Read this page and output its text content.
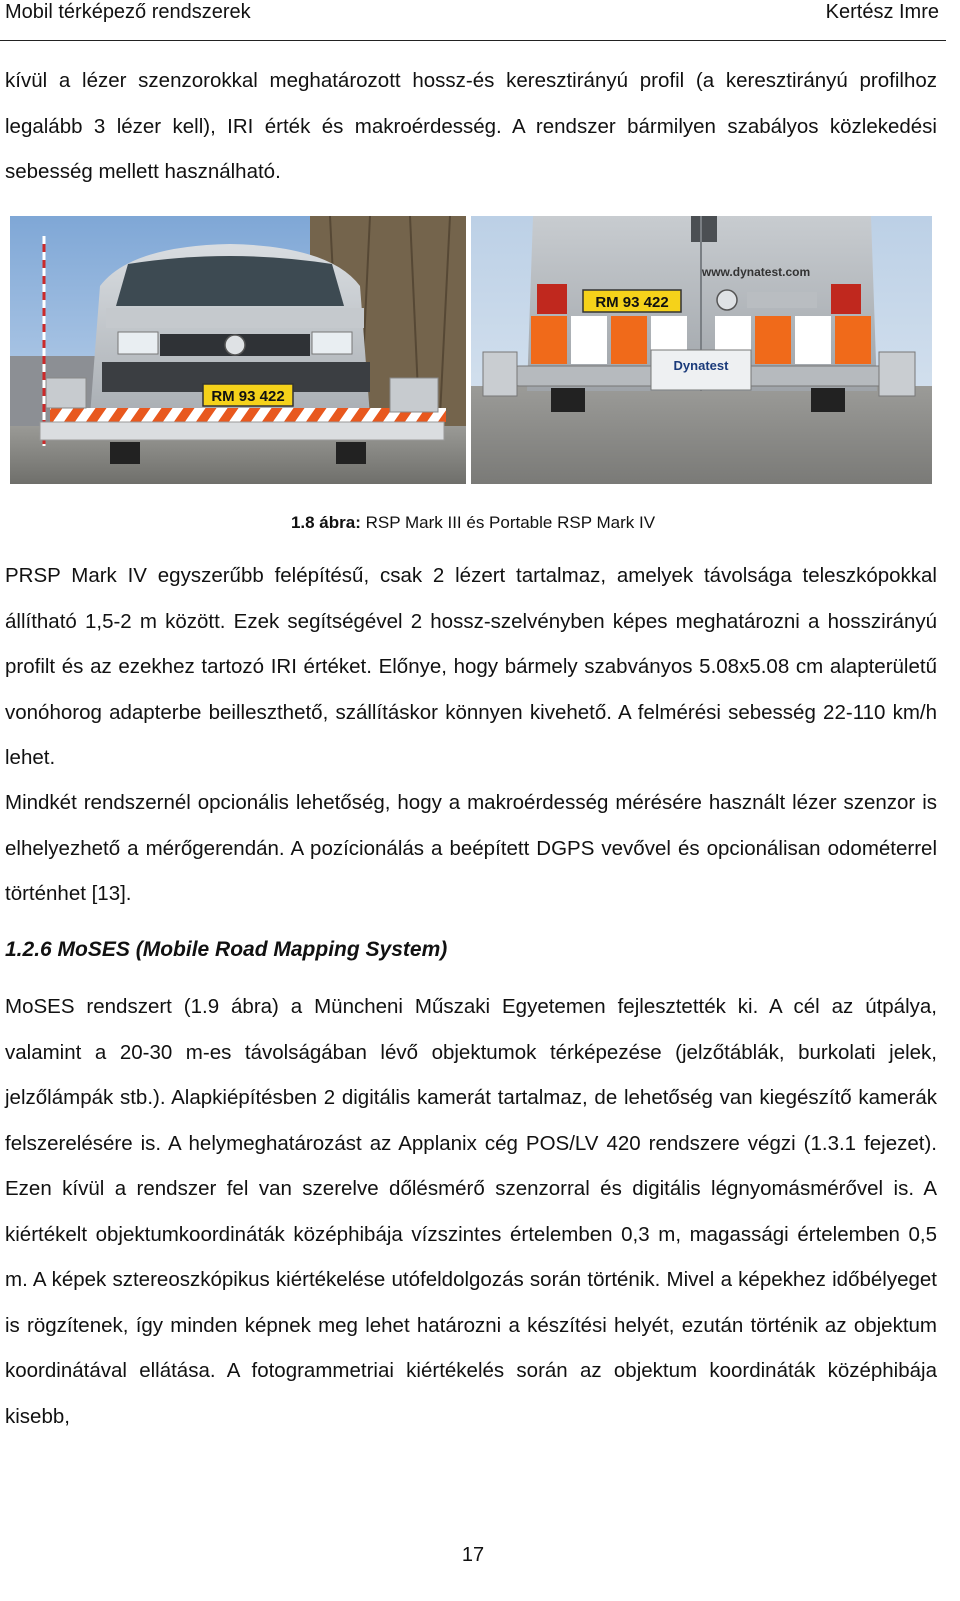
Mobil térképező rendszerek	Kertész Imre

kívül a lézer szenzorokkal meghatározott hossz-és keresztirányú profil (a keresztirányú profilhoz legalább 3 lézer kell), IRI érték és makroérdesség. A rendszer bármilyen szabályos közlekedési sebesség mellett használható.

RM 93 422
www.dynatest.com
RM 93 422
Dynatest
1.8 ábra: RSP Mark III és Portable RSP Mark IV

PRSP Mark IV egyszerűbb felépítésű, csak 2 lézert tartalmaz, amelyek távolsága teleszkópokkal állítható 1,5-2 m között. Ezek segítségével 2 hossz-szelvényben képes meghatározni a hosszirányú profilt és az ezekhez tartozó IRI értéket. Előnye, hogy bármely szabványos 5.08x5.08 cm alapterületű vonóhorog adapterbe beilleszthető, szállításkor könnyen kivehető. A felmérési sebesség 22-110 km/h lehet.

Mindkét rendszernél opcionális lehetőség, hogy a makroérdesség mérésére használt lézer szenzor is elhelyezhető a mérőgerendán. A pozícionálás a beépített DGPS vevővel és opcionálisan odométerrel történhet [13].

1.2.6 MoSES (Mobile Road Mapping System)

MoSES rendszert (1.9 ábra) a Müncheni Műszaki Egyetemen fejlesztették ki. A cél az útpálya, valamint a 20-30 m-es távolságában lévő objektumok térképezése (jelzőtáblák, burkolati jelek, jelzőlámpák stb.). Alapkiépítésben 2 digitális kamerát tartalmaz, de lehetőség van kiegészítő kamerák felszerelésére is. A helymeghatározást az Applanix cég POS/LV 420 rendszere végzi (1.3.1 fejezet). Ezen kívül a rendszer fel van szerelve dőlésmérő szenzorral és digitális légnyomásmérővel is. A kiértékelt objektumkoordináták középhibája vízszintes értelemben 0,3 m, magassági értelemben 0,5 m. A képek sztereoszkópikus kiértékelése utófeldolgozás során történik. Mivel a képekhez időbélyeget is rögzítenek, így minden képnek meg lehet határozni a készítési helyét, ezután történik az objektum koordinátával ellátása. A fotogrammetriai kiértékelés során az objektum koordináták középhibája kisebb,

17
